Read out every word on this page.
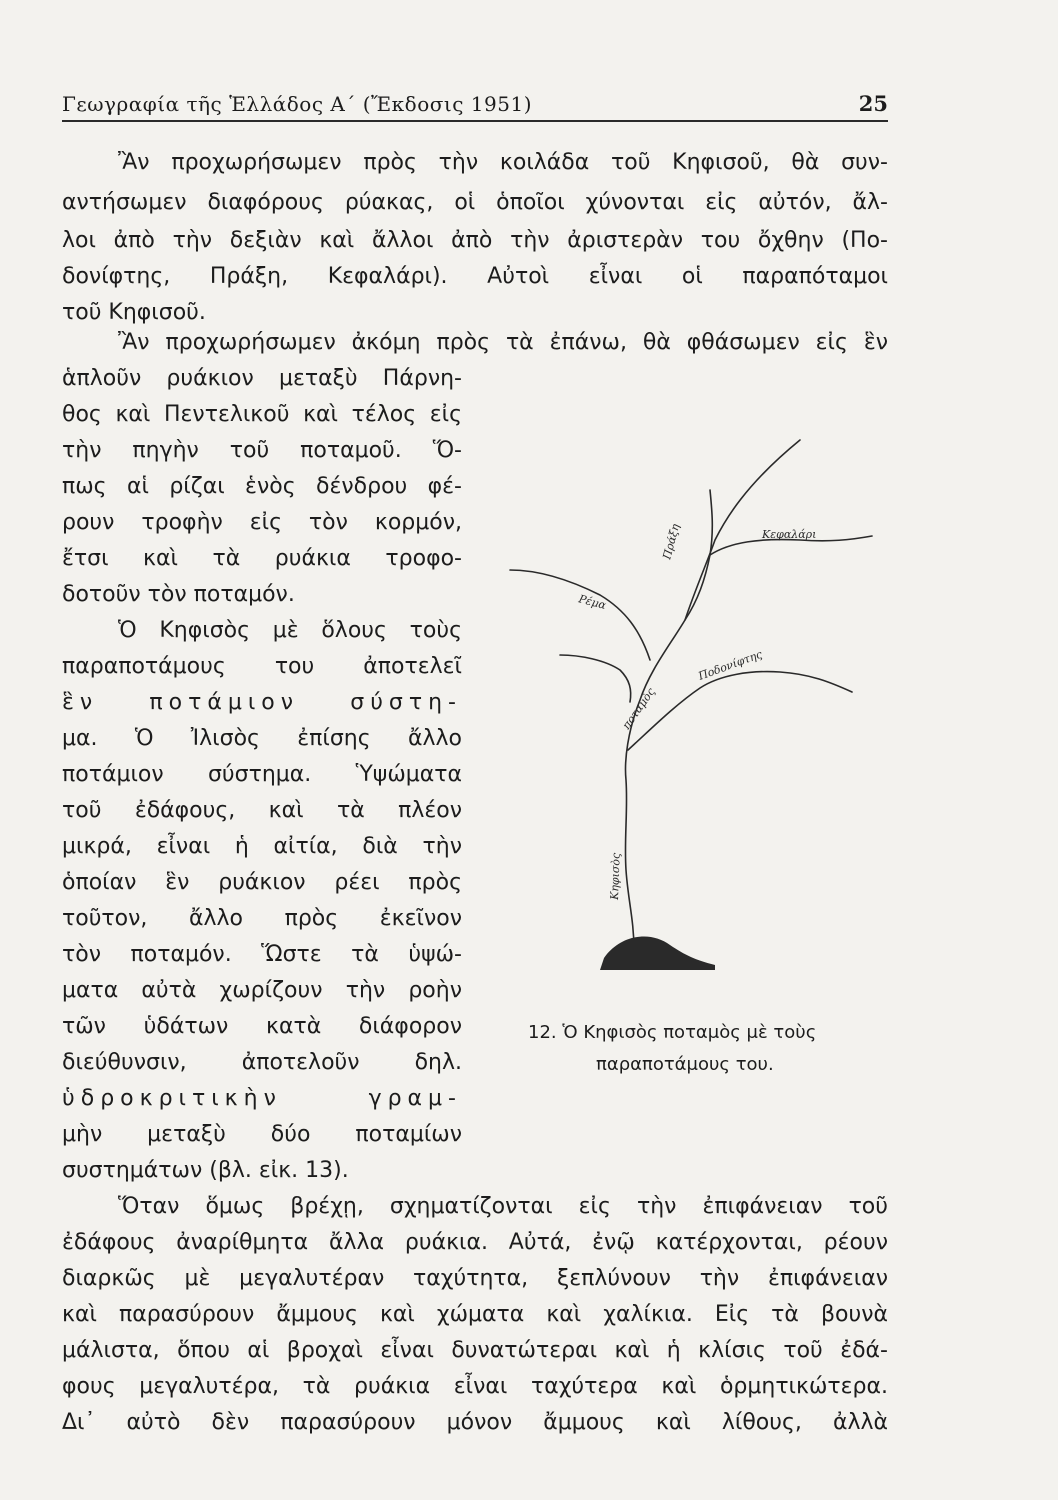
Γεωγραφία τῆς Ἑλλάδος Α΄ (Ἔκδοσις 1951)	25
Ἂν προχωρήσωμεν πρὸς τὴν κοιλάδα τοῦ Κηφισοῦ, θὰ συν-
αντήσωμεν διαφόρους ρύακας, οἱ ὁποῖοι χύνονται εἰς αὐτόν, ἄλ-
λοι ἀπὸ τὴν δεξιὰν καὶ ἄλλοι ἀπὸ τὴν ἀριστερὰν του ὄχθην (Πο-
δονίφτης, Πράξη, Κεφαλάρι). Αὐτοὶ εἶναι οἱ παραπόταμοι
τοῦ Κηφισοῦ.
Ἂν προχωρήσωμεν ἀκόμη πρὸς τὰ ἐπάνω, θὰ φθάσωμεν εἰς ἓν
ἁπλοῦν ρυάκιον μεταξὺ Πάρνη-
θος καὶ Πεντελικοῦ καὶ τέλος εἰς
τὴν πηγὴν τοῦ ποταμοῦ. Ὅ-
πως αἱ ρίζαι ἑνὸς δένδρου φέ-
ρουν τροφὴν εἰς τὸν κορμόν,
ἔτσι καὶ τὰ ρυάκια τροφο-
δοτοῦν τὸν ποταμόν.
Ὁ Κηφισὸς μὲ ὅλους τοὺς
παραποτάμους του ἀποτελεῖ
ἓν ποτάμιον σύστη-
μα. Ὁ Ἰλισὸς ἐπίσης ἄλλο
ποτάμιον σύστημα. Ὑψώματα
τοῦ ἐδάφους, καὶ τὰ πλέον
μικρά, εἶναι ἡ αἰτία, διὰ τὴν
ὁποίαν ἓν ρυάκιον ρέει πρὸς
τοῦτον, ἄλλο πρὸς ἐκεῖνον
τὸν ποταμόν. Ὥστε τὰ ὑψώ-
ματα αὐτὰ χωρίζουν τὴν ροὴν
τῶν ὑδάτων κατὰ διάφορον
διεύθυνσιν, ἀποτελοῦν δηλ.
ὑδροκριτικὴν γραμ-
μὴν μεταξὺ δύο ποταμίων
συστημάτων (βλ. εἰκ. 13).
Κηφισὸς
ποταμὸς
Ποδονίφτης
Ρέμα
Πράξη	Κεφαλάρι
12. Ὁ Κηφισὸς ποταμὸς μὲ τοὺς
παραποτάμους του.
Ὅταν ὅμως βρέχῃ, σχηματίζονται εἰς τὴν ἐπιφάνειαν τοῦ
ἐδάφους ἀναρίθμητα ἄλλα ρυάκια. Αὐτά, ἐνῷ κατέρχονται, ρέουν
διαρκῶς μὲ μεγαλυτέραν ταχύτητα, ξεπλύνουν τὴν ἐπιφάνειαν
καὶ παρασύρουν ἄμμους καὶ χώματα καὶ χαλίκια. Εἰς τὰ βουνὰ
μάλιστα, ὅπου αἱ βροχαὶ εἶναι δυνατώτεραι καὶ ἡ κλίσις τοῦ ἐδά-
φους μεγαλυτέρα, τὰ ρυάκια εἶναι ταχύτερα καὶ ὁρμητικώτερα.
Δι᾽ αὐτὸ δὲν παρασύρουν μόνον ἄμμους καὶ λίθους, ἀλλὰ
